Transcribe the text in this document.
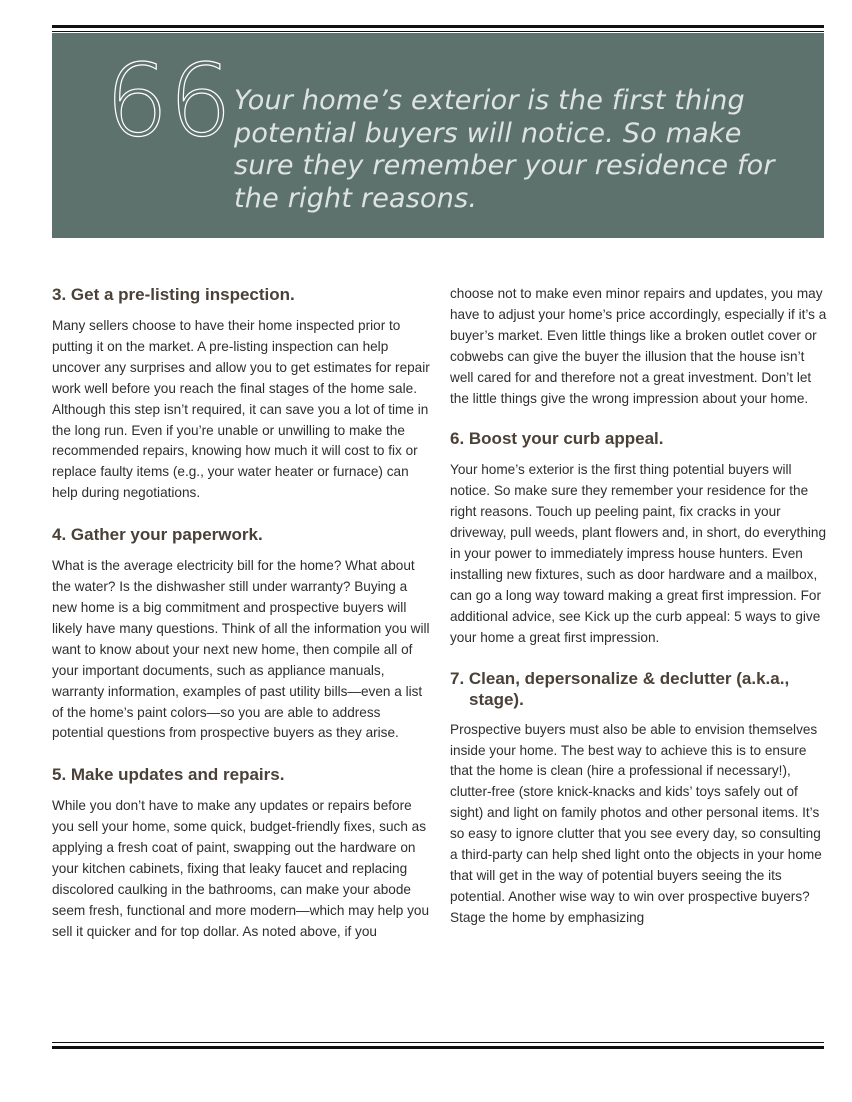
66 Your home’s exterior is the first thing potential buyers will notice. So make sure they remember your residence for the right reasons.

3. Get a pre-listing inspection.

Many sellers choose to have their home inspected prior to putting it on the market. A pre-listing inspection can help uncover any surprises and allow you to get estimates for repair work well before you reach the final stages of the home sale. Although this step isn’t required, it can save you a lot of time in the long run. Even if you’re unable or unwilling to make the recommended repairs, knowing how much it will cost to fix or replace faulty items (e.g., your water heater or furnace) can help during negotiations.

4. Gather your paperwork.

What is the average electricity bill for the home? What about the water? Is the dishwasher still under warranty? Buying a new home is a big commitment and prospective buyers will likely have many questions. Think of all the information you will want to know about your next new home, then compile all of your important documents, such as appliance manuals, warranty information, examples of past utility bills—even a list of the home’s paint colors—so you are able to address potential questions from prospective buyers as they arise.

5. Make updates and repairs.

While you don’t have to make any updates or repairs before you sell your home, some quick, budget-friendly fixes, such as applying a fresh coat of paint, swapping out the hardware on your kitchen cabinets, fixing that leaky faucet and replacing discolored caulking in the bathrooms, can make your abode seem fresh, functional and more modern—which may help you sell it quicker and for top dollar. As noted above, if you

choose not to make even minor repairs and updates, you may have to adjust your home’s price accordingly, especially if it’s a buyer’s market. Even little things like a broken outlet cover or cobwebs can give the buyer the illusion that the house isn’t well cared for and therefore not a great investment. Don’t let the little things give the wrong impression about your home.

6. Boost your curb appeal.

Your home’s exterior is the first thing potential buyers will notice. So make sure they remember your residence for the right reasons. Touch up peeling paint, fix cracks in your driveway, pull weeds, plant flowers and, in short, do everything in your power to immediately impress house hunters. Even installing new fixtures, such as door hardware and a mailbox, can go a long way toward making a great first impression. For additional advice, see Kick up the curb appeal: 5 ways to give your home a great first impression.

7. Clean, depersonalize & declutter (a.k.a., stage).

Prospective buyers must also be able to envision themselves inside your home. The best way to achieve this is to ensure that the home is clean (hire a professional if necessary!), clutter-free (store knick-knacks and kids’ toys safely out of sight) and light on family photos and other personal items. It’s so easy to ignore clutter that you see every day, so consulting a third-party can help shed light onto the objects in your home that will get in the way of potential buyers seeing the its potential. Another wise way to win over prospective buyers? Stage the home by emphasizing
